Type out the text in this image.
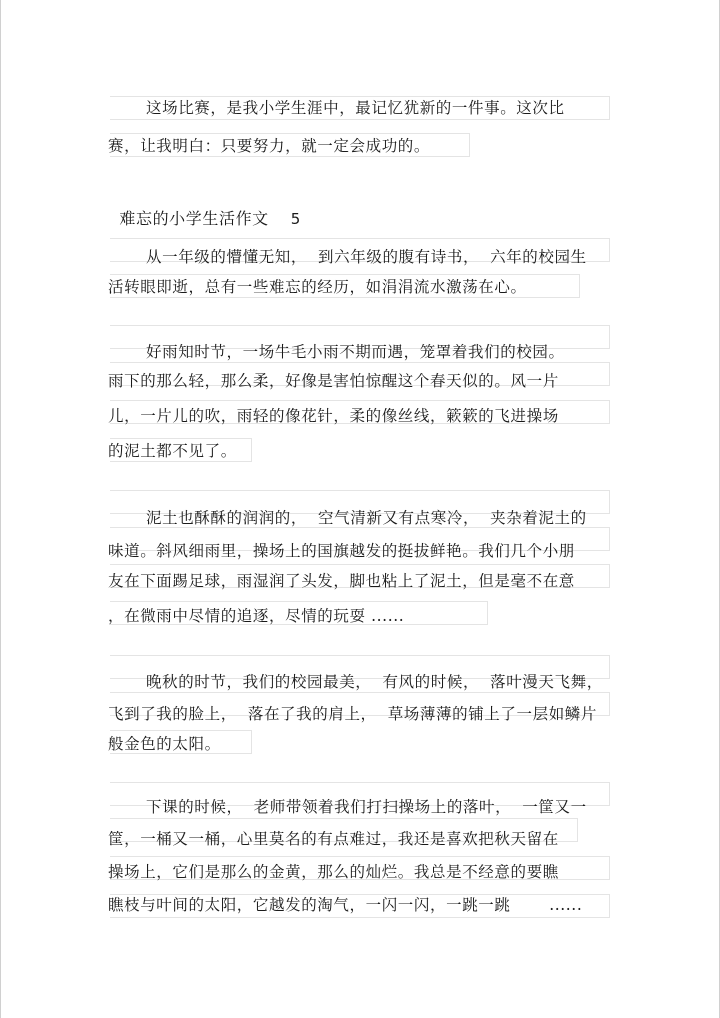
这场比赛，是我小学生涯中，最记忆犹新的一件事。这次比
赛，让我明白：只要努力，就一定会成功的。

难忘的小学生活作文 5

从一年级的懵懂无知，  到六年级的腹有诗书，  六年的校园生
活转眼即逝，总有一些难忘的经历，如涓涓流水激荡在心。
好雨知时节，一场牛毛小雨不期而遇，笼罩着我们的校园。
雨下的那么轻，那么柔，好像是害怕惊醒这个春天似的。风一片
儿，一片儿的吹，雨轻的像花针，柔的像丝线，簌簌的飞进操场
的泥土都不见了。
泥土也酥酥的润润的，  空气清新又有点寒冷，  夹杂着泥土的
味道。斜风细雨里，操场上的国旗越发的挺拔鲜艳。我们几个小朋
友在下面踢足球，雨湿润了头发，脚也粘上了泥土，但是毫不在意
，在微雨中尽情的追逐，尽情的玩耍 ......
晚秋的时节，我们的校园最美，  有风的时候，  落叶漫天飞舞，
飞到了我的脸上，  落在了我的肩上，  草场薄薄的铺上了一层如鳞片
般金色的太阳。
下课的时候，  老师带领着我们打扫操场上的落叶，  一筐又一
筐，一桶又一桶，心里莫名的有点难过，我还是喜欢把秋天留在
操场上，它们是那么的金黄，那么的灿烂。我总是不经意的要瞧
瞧枝与叶间的太阳，它越发的淘气，一闪一闪，一跳一跳       ......
